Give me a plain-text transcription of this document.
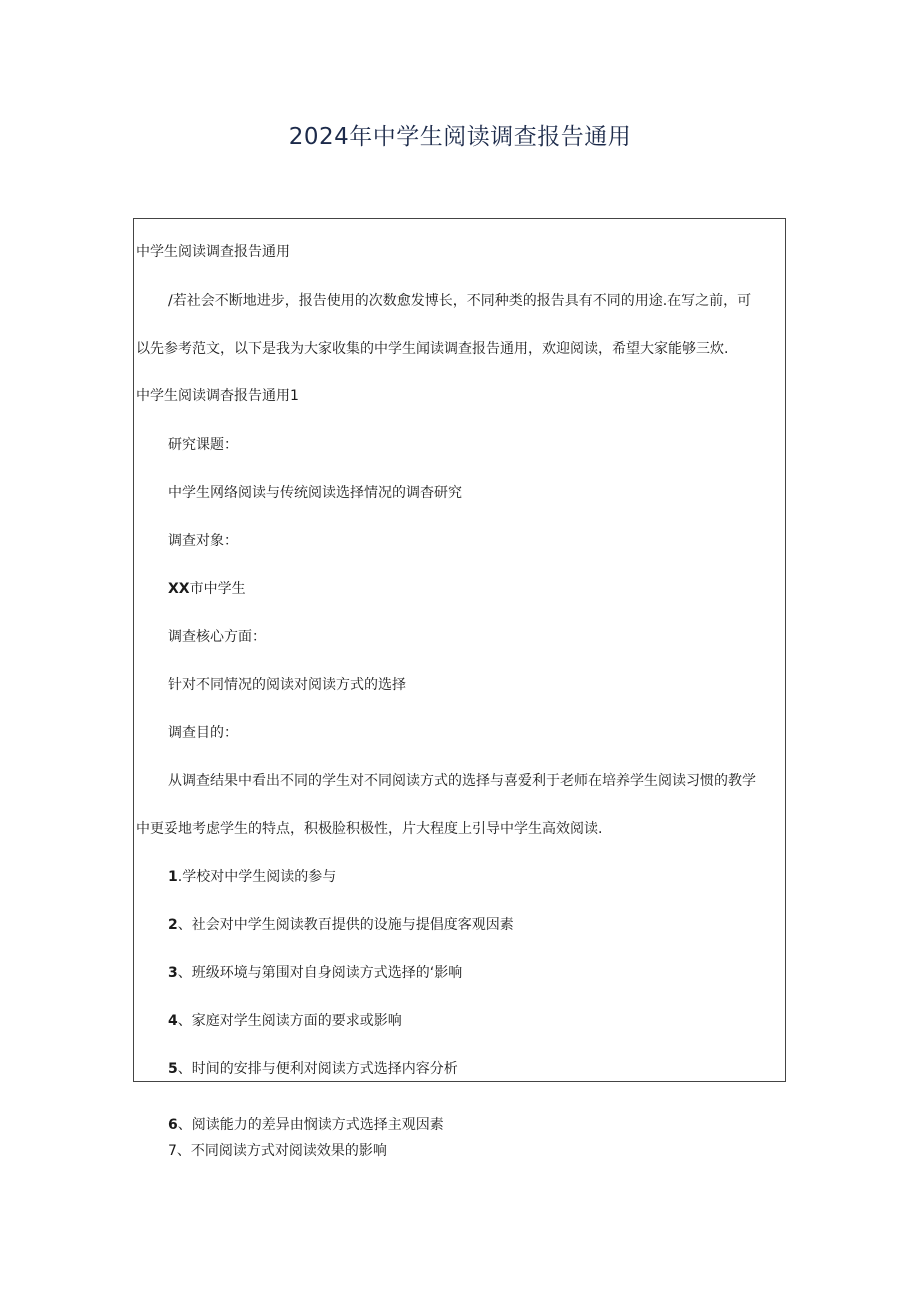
2024年中学生阅读调查报告通用
中学生阅读调查报告通用
/若社会不断地进步，报告使用的次数愈发博长，不同种类的报告具有不同的用途.在写之前，可
以先参考范文，以下是我为大家收集的中学生闻读调查报告通用，欢迎阅读，希望大家能够三炊.
中学生阅读调杳报告通用1
研究课题：
中学生网络阅读与传统阅读选择情况的调杳研究
调查对象：
XX市中学生
调查核心方面：
针对不同情况的阅读对阅读方式的选择
调查目的：
从调查结果中看出不同的学生对不同阅读方式的选择与喜爱利于老师在培养学生阅读习惯的教学
中更妥地考虑学生的特点，积极脸积极性，片大程度上引导中学生高效阅读.
1.学校对中学生阅读的参与
2、社会对中学生阅读教百提供的设施与提倡度客观因素
3、班级环境与第围对自身阅读方式选择的‘影响
4、家庭对学生阅读方面的要求或影响
5、时间的安排与便利对阅读方式选择内容分析
6、阅读能力的差异由悯读方式选择主观因素
7、不同阅读方式对阅读效果的影响
